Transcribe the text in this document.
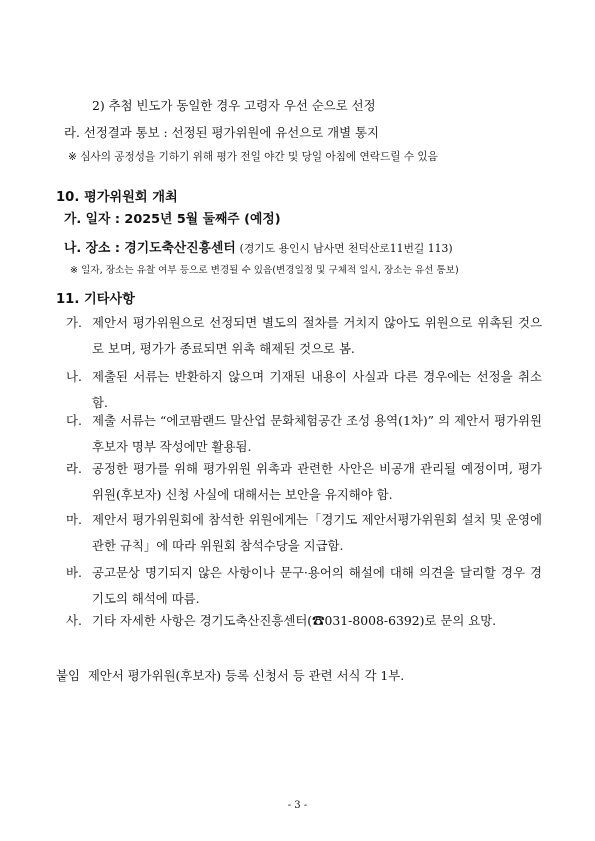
2) 추첨 빈도가 동일한 경우 고령자 우선 순으로 선정
라. 선정결과 통보 : 선정된 평가위원에 유선으로 개별 통지
※ 심사의 공정성을 기하기 위해 평가 전일 야간 및 당일 아침에 연락드릴 수 있음
10. 평가위원회 개최
가. 일자 : 2025년 5월 둘째주 (예정)
나. 장소 : 경기도축산진흥센터 (경기도 용인시 남사면 천덕산로11번길 113)
※ 일자, 장소는 유찰 여부 등으로 변경될 수 있음(변경일정 및 구체적 일시, 장소는 유선 통보)
11. 기타사항
가. 제안서 평가위원으로 선정되면 별도의 절차를 거치지 않아도 위원으로 위촉된 것으로 보며, 평가가 종료되면 위촉 해제된 것으로 봄.
나. 제출된 서류는 반환하지 않으며 기재된 내용이 사실과 다른 경우에는 선정을 취소함.
다. 제출 서류는 “에코팜랜드 말산업 문화체험공간 조성 용역(1차)” 의 제안서 평가위원 후보자 명부 작성에만 활용됨.
라. 공정한 평가를 위해 평가위원 위촉과 관련한 사안은 비공개 관리될 예정이며, 평가위원(후보자) 신청 사실에 대해서는 보안을 유지해야 함.
마. 제안서 평가위원회에 참석한 위원에게는「경기도 제안서평가위원회 설치 및 운영에 관한 규칙」에 따라 위원회 참석수당을 지급함.
바. 공고문상 명기되지 않은 사항이나 문구·용어의 해설에 대해 의견을 달리할 경우 경기도의 해석에 따름.
사. 기타 자세한 사항은 경기도축산진흥센터(☎031-8008-6392)로 문의 요망.
붙임  제안서 평가위원(후보자) 등록 신청서 등 관련 서식 각 1부.
- 3 -
